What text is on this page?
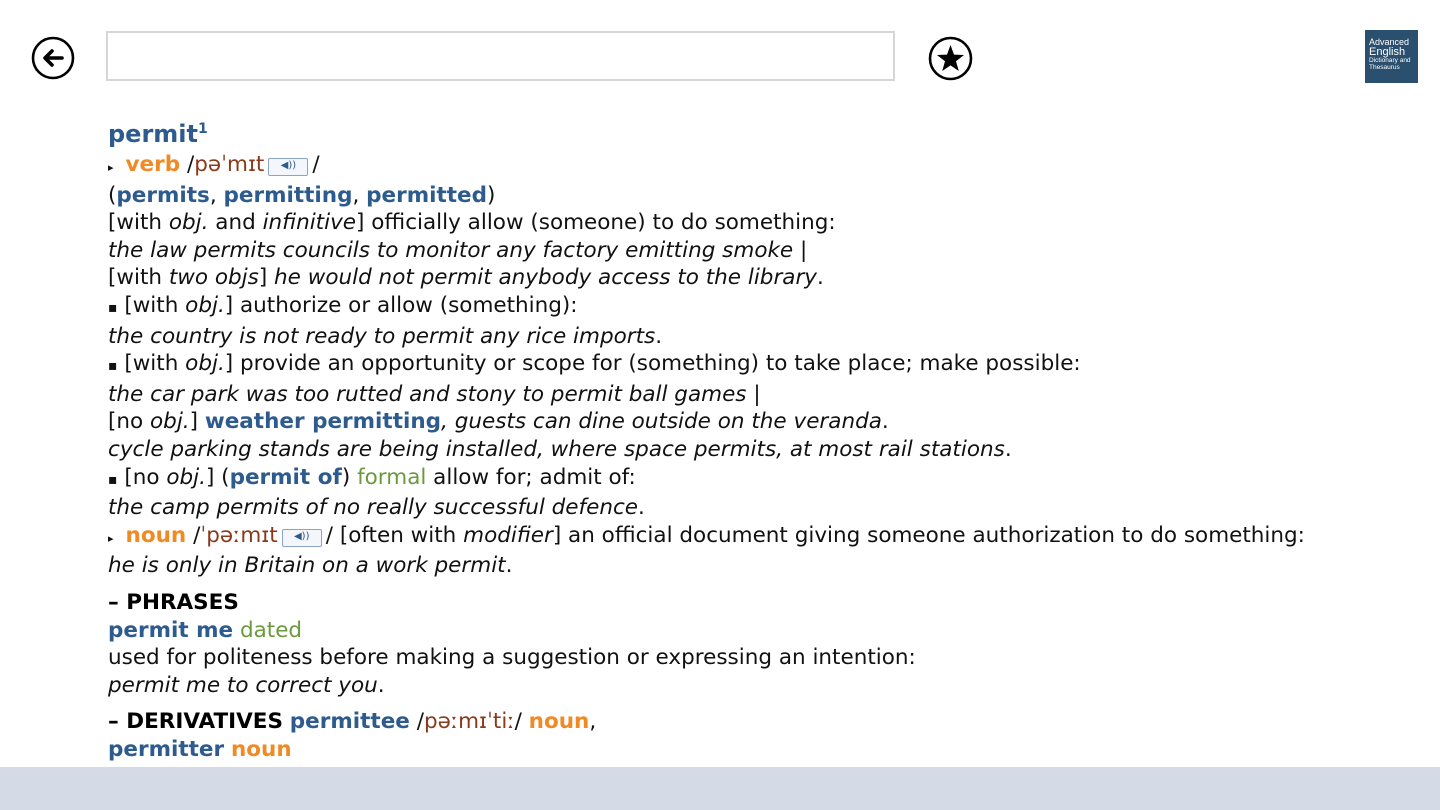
Advanced
English
Dictionary and
Thesaurus
permit$^1$
▸ verb /pəˈmɪt ◀)) /
(permits, permitting, permitted)
[with obj. and infinitive] officially allow (someone) to do something:
the law permits councils to monitor any factory emitting smoke |
[with two objs] he would not permit anybody access to the library.
▪ [with obj.] authorize or allow (something):
the country is not ready to permit any rice imports.
▪ [with obj.] provide an opportunity or scope for (something) to take place; make possible:
the car park was too rutted and stony to permit ball games |
[no obj.] weather permitting, guests can dine outside on the veranda.
cycle parking stands are being installed, where space permits, at most rail stations.
▪ [no obj.] (permit of) formal allow for; admit of:
the camp permits of no really successful defence.
▸ noun /ˈpəːmɪt ◀)) / [often with modifier] an official document giving someone authorization to do something:
he is only in Britain on a work permit.
– PHRASES
permit me dated
used for politeness before making a suggestion or expressing an intention:
permit me to correct you.
– DERIVATIVES permittee /pəːmɪˈtiː/ noun,
permitter noun
